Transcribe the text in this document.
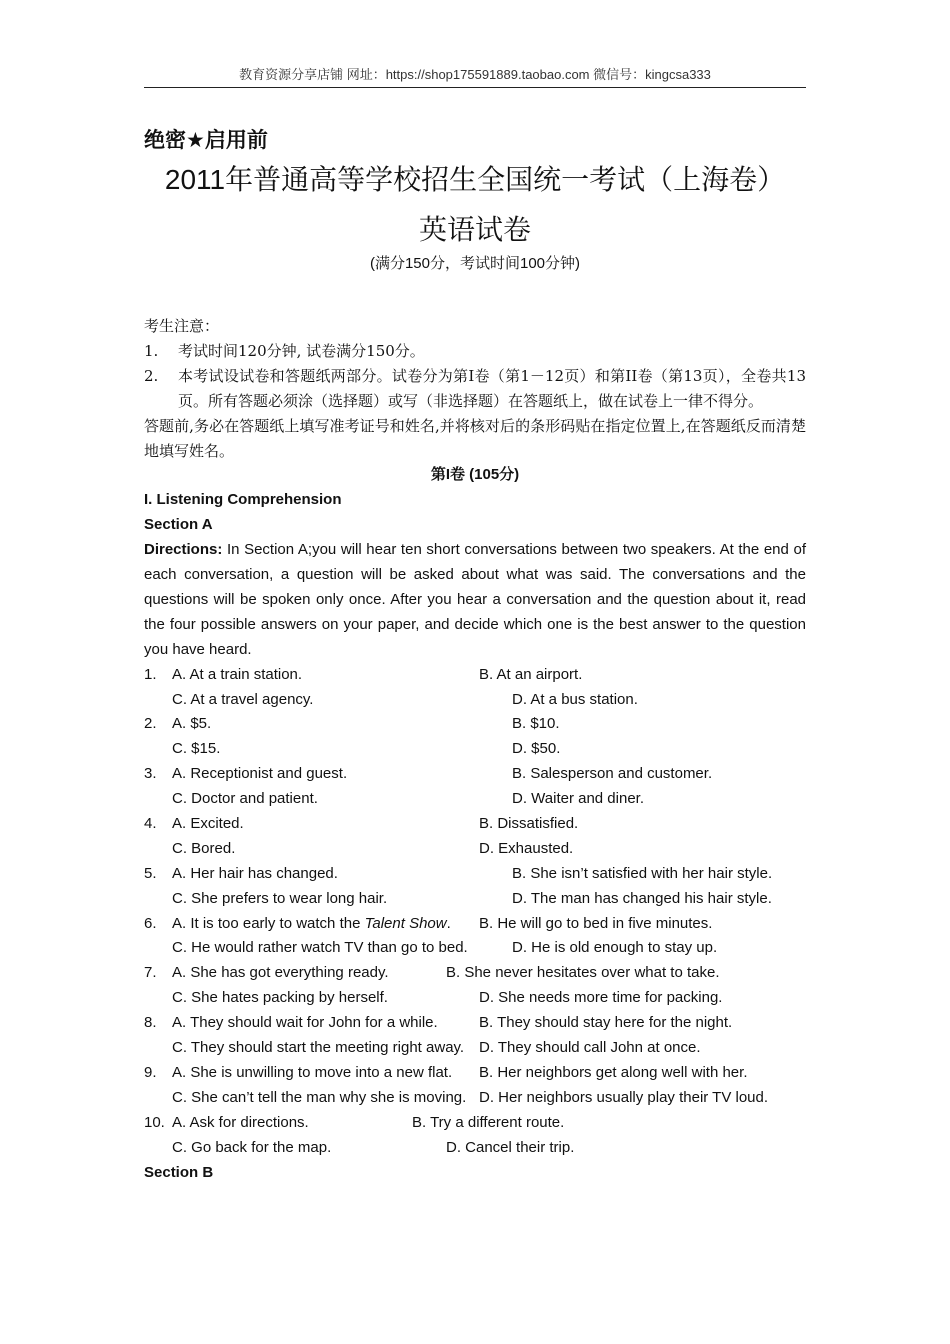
教育资源分享店铺 网址：https://shop175591889.taobao.com 微信号：kingcsa333
绝密★启用前
2011年普通高等学校招生全国统一考试（上海卷）
英语试卷
(满分150分，考试时间100分钟)
考生注意：
1.	考试时间120分钟, 试卷满分150分。
2.	本考试设试卷和答题纸两部分。试卷分为第I卷（第1－12页）和第II卷（第13页），全卷共13页。所有答题必须涂（选择题）或写（非选择题）在答题纸上，做在试卷上一律不得分。
答题前,务必在答题纸上填写准考证号和姓名,并将核对后的条形码贴在指定位置上,在答题纸反而清楚地填写姓名。
第I卷 (105分)
I. Listening Comprehension
Section A
Directions: In Section A;you will hear ten short conversations between two speakers. At the end of each conversation, a question will be asked about what was said. The conversations and the questions will be spoken only once. After you hear a conversation and the question about it, read the four possible answers on your paper, and decide which one is the best answer to the question you have heard.
1. A. At a train station.	B. At an airport.
C. At a travel agency.	D. At a bus station.
2. A. $5.	B. $10.
C. $15.	D. $50.
3. A. Receptionist and guest.	B. Salesperson and customer.
C. Doctor and patient.	D. Waiter and diner.
4. A. Excited.	B. Dissatisfied.
C. Bored.	D. Exhausted.
5. A. Her hair has changed.	B. She isn’t satisfied with her hair style.
C. She prefers to wear long hair.	D. The man has changed his hair style.
6. A. It is too early to watch the Talent Show. B. He will go to bed in five minutes.
C. He would rather watch TV than go to bed.	D. He is old enough to stay up.
7. A. She has got everything ready.	B. She never hesitates over what to take.
C. She hates packing by herself.	D. She needs more time for packing.
8. A. They should wait for John for a while.	B. They should stay here for the night.
C. They should start the meeting right away. D. They should call John at once.
9. A. She is unwilling to move into a new flat. B. Her neighbors get along well with her.
C. She can’t tell the man why she is moving. D. Her neighbors usually play their TV loud.
10. A. Ask for directions.	B. Try a different route.
C. Go back for the map.	D. Cancel their trip.
Section B
